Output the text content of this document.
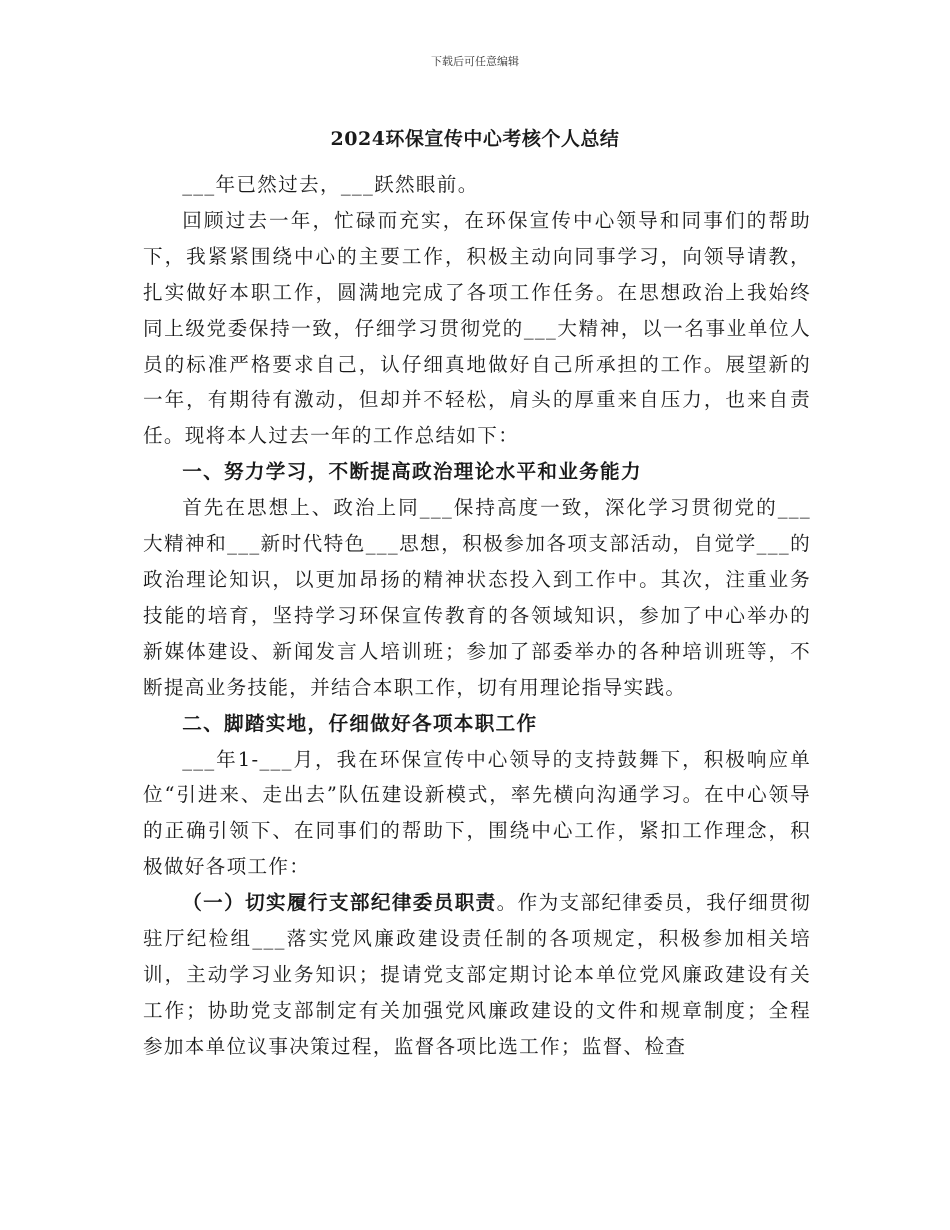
下载后可任意编辑
2024环保宣传中心考核个人总结

___年已然过去，___跃然眼前。

回顾过去一年，忙碌而充实，在环保宣传中心领导和同事们的帮助下，我紧紧围绕中心的主要工作，积极主动向同事学习，向领导请教，扎实做好本职工作，圆满地完成了各项工作任务。在思想政治上我始终同上级党委保持一致，仔细学习贯彻党的___大精神，以一名事业单位人员的标准严格要求自己，认仔细真地做好自己所承担的工作。展望新的一年，有期待有激动，但却并不轻松，肩头的厚重来自压力，也来自责任。现将本人过去一年的工作总结如下：

一、努力学习，不断提高政治理论水平和业务能力

首先在思想上、政治上同___保持高度一致，深化学习贯彻党的___大精神和___新时代特色___思想，积极参加各项支部活动，自觉学___的政治理论知识，以更加昂扬的精神状态投入到工作中。其次，注重业务技能的培育，坚持学习环保宣传教育的各领域知识，参加了中心举办的新媒体建设、新闻发言人培训班；参加了部委举办的各种培训班等，不断提高业务技能，并结合本职工作，切有用理论指导实践。

二、脚踏实地，仔细做好各项本职工作

___年1-___月，我在环保宣传中心领导的支持鼓舞下，积极响应单位“引进来、走出去”队伍建设新模式，率先横向沟通学习。在中心领导的正确引领下、在同事们的帮助下，围绕中心工作，紧扣工作理念，积极做好各项工作：

（一）切实履行支部纪律委员职责。作为支部纪律委员，我仔细贯彻驻厅纪检组___落实党风廉政建设责任制的各项规定，积极参加相关培训，主动学习业务知识；提请党支部定期讨论本单位党风廉政建设有关工作；协助党支部制定有关加强党风廉政建设的文件和规章制度；全程参加本单位议事决策过程，监督各项比选工作；监督、检查
